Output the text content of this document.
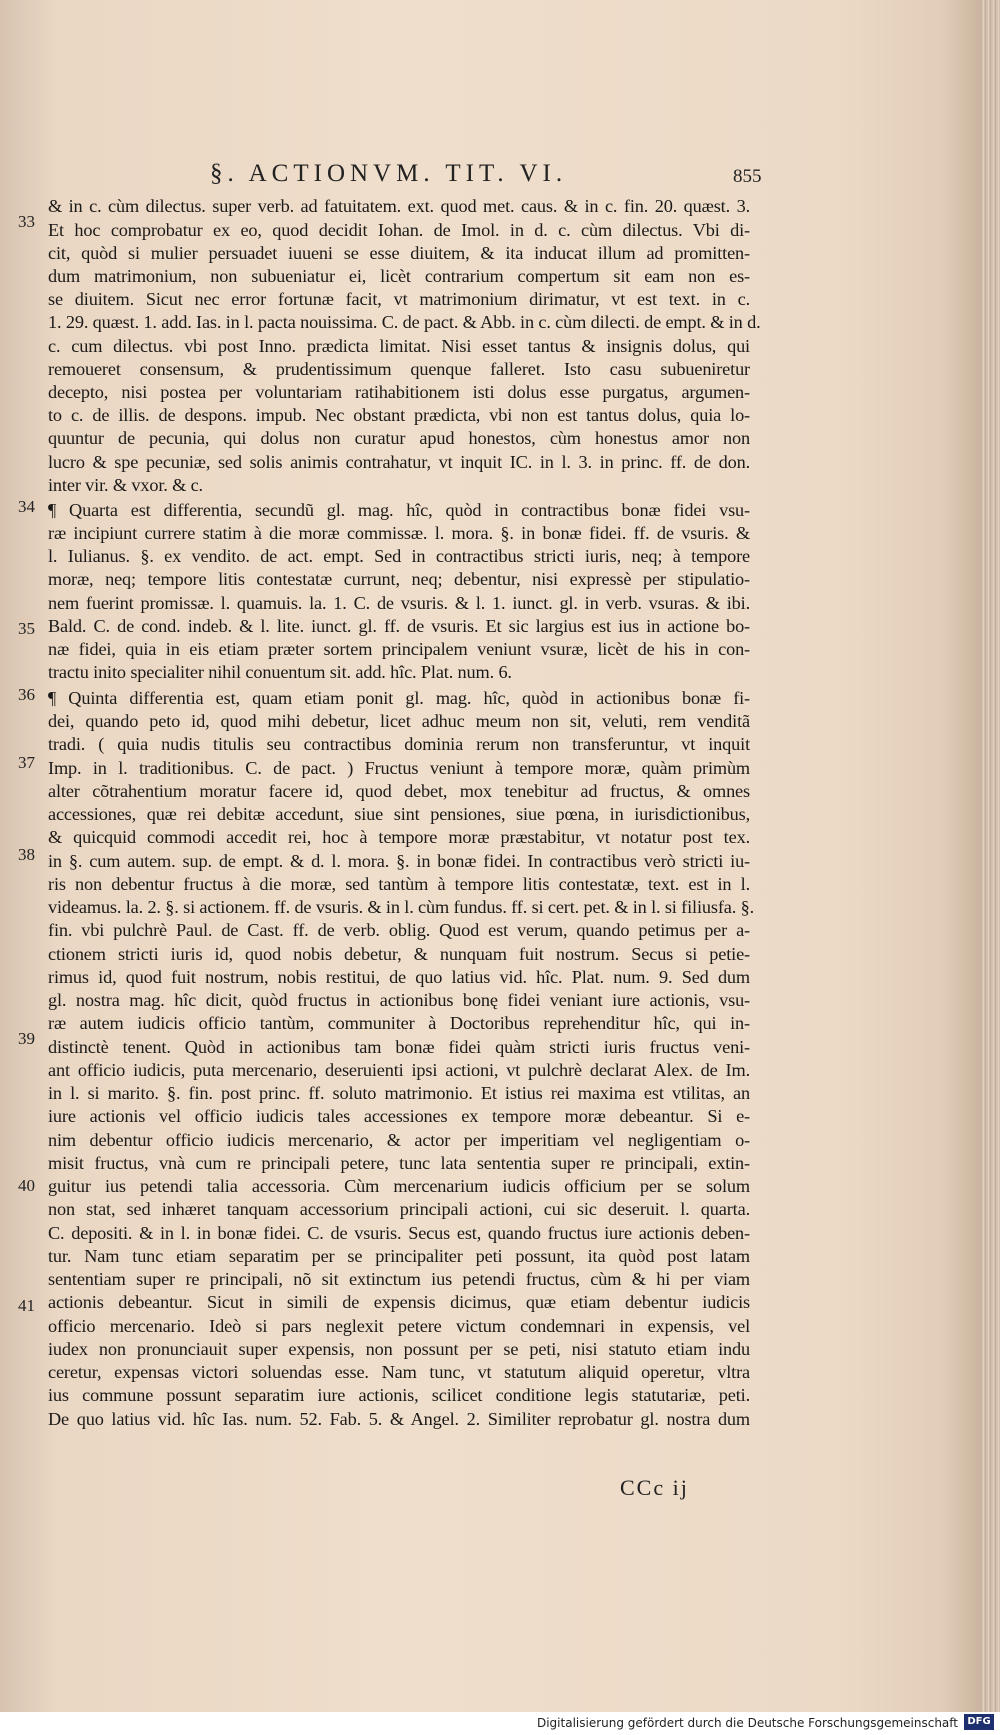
§. ACTIONVM. TIT. VI.	855
33
34
35
36
37
38
39
40
41
& in c. cùm dilectus. super verb. ad fatuitatem. ext. quod met. caus. & in c. fin. 20. quæst. 3.
Et hoc comprobatur ex eo, quod decidit Iohan. de Imol. in d. c. cùm dilectus. Vbi di-
cit, quòd si mulier persuadet iuueni se esse diuitem, & ita inducat illum ad promitten-
dum matrimonium, non subueniatur ei, licèt contrarium compertum sit eam non es-
se diuitem. Sicut nec error fortunæ facit, vt matrimonium dirimatur, vt est text. in c.
1. 29. quæst. 1. add. Ias. in l. pacta nouissima. C. de pact. & Abb. in c. cùm dilecti. de empt. & in d.
c. cum dilectus. vbi post Inno. prædicta limitat. Nisi esset tantus & insignis dolus, qui
remoueret consensum, & prudentissimum quenque falleret. Isto casu subueniretur
decepto, nisi postea per voluntariam ratihabitionem isti dolus esse purgatus, argumen-
to c. de illis. de despons. impub. Nec obstant prædicta, vbi non est tantus dolus, quia lo-
quuntur de pecunia, qui dolus non curatur apud honestos, cùm honestus amor non
lucro & spe pecuniæ, sed solis animis contrahatur, vt inquit IC. in l. 3. in princ. ff. de don.
inter vir. & vxor. & c.
¶ Quarta est differentia, secundũ gl. mag. hîc, quòd in contractibus bonæ fidei vsu-
ræ incipiunt currere statim à die moræ commissæ. l. mora. §. in bonæ fidei. ff. de vsuris. &
l. Iulianus. §. ex vendito. de act. empt. Sed in contractibus stricti iuris, neq; à tempore
moræ, neq; tempore litis contestatæ currunt, neq; debentur, nisi expressè per stipulatio-
nem fuerint promissæ. l. quamuis. la. 1. C. de vsuris. & l. 1. iunct. gl. in verb. vsuras. & ibi.
Bald. C. de cond. indeb. & l. lite. iunct. gl. ff. de vsuris. Et sic largius est ius in actione bo-
næ fidei, quia in eis etiam præter sortem principalem veniunt vsuræ, licèt de his in con-
tractu inito specialiter nihil conuentum sit. add. hîc. Plat. num. 6.
¶ Quinta differentia est, quam etiam ponit gl. mag. hîc, quòd in actionibus bonæ fi-
dei, quando peto id, quod mihi debetur, licet adhuc meum non sit, veluti, rem venditã
tradi. ( quia nudis titulis seu contractibus dominia rerum non transferuntur, vt inquit
Imp. in l. traditionibus. C. de pact. ) Fructus veniunt à tempore moræ, quàm primùm
alter cõtrahentium moratur facere id, quod debet, mox tenebitur ad fructus, & omnes
accessiones, quæ rei debitæ accedunt, siue sint pensiones, siue pœna, in iurisdictionibus,
& quicquid commodi accedit rei, hoc à tempore moræ præstabitur, vt notatur post tex.
in §. cum autem. sup. de empt. & d. l. mora. §. in bonæ fidei. In contractibus verò stricti iu-
ris non debentur fructus à die moræ, sed tantùm à tempore litis contestatæ, text. est in l.
videamus. la. 2. §. si actionem. ff. de vsuris. & in l. cùm fundus. ff. si cert. pet. & in l. si filiusfa. §.
fin. vbi pulchrè Paul. de Cast. ff. de verb. oblig. Quod est verum, quando petimus per a-
ctionem stricti iuris id, quod nobis debetur, & nunquam fuit nostrum. Secus si petie-
rimus id, quod fuit nostrum, nobis restitui, de quo latius vid. hîc. Plat. num. 9. Sed dum
gl. nostra mag. hîc dicit, quòd fructus in actionibus bonę fidei veniant iure actionis, vsu-
ræ autem iudicis officio tantùm, communiter à Doctoribus reprehenditur hîc, qui in-
distinctè tenent. Quòd in actionibus tam bonæ fidei quàm stricti iuris fructus veni-
ant officio iudicis, puta mercenario, deseruienti ipsi actioni, vt pulchrè declarat Alex. de Im.
in l. si marito. §. fin. post princ. ff. soluto matrimonio. Et istius rei maxima est vtilitas, an
iure actionis vel officio iudicis tales accessiones ex tempore moræ debeantur. Si e-
nim debentur officio iudicis mercenario, & actor per imperitiam vel negligentiam o-
misit fructus, vnà cum re principali petere, tunc lata sententia super re principali, extin-
guitur ius petendi talia accessoria. Cùm mercenarium iudicis officium per se solum
non stat, sed inhæret tanquam accessorium principali actioni, cui sic deseruit. l. quarta.
C. depositi. & in l. in bonæ fidei. C. de vsuris. Secus est, quando fructus iure actionis deben-
tur. Nam tunc etiam separatim per se principaliter peti possunt, ita quòd post latam
sententiam super re principali, nõ sit extinctum ius petendi fructus, cùm & hi per viam
actionis debeantur. Sicut in simili de expensis dicimus, quæ etiam debentur iudicis
officio mercenario. Ideò si pars neglexit petere victum condemnari in expensis, vel
iudex non pronunciauit super expensis, non possunt per se peti, nisi statuto etiam indu
ceretur, expensas victori soluendas esse. Nam tunc, vt statutum aliquid operetur, vltra
ius commune possunt separatim iure actionis, scilicet conditione legis statutariæ, peti.
De quo latius vid. hîc Ias. num. 52. Fab. 5. & Angel. 2. Similiter reprobatur gl. nostra dum
CCc ij
Digitalisierung gefördert durch die Deutsche Forschungsgemeinschaft DFG
